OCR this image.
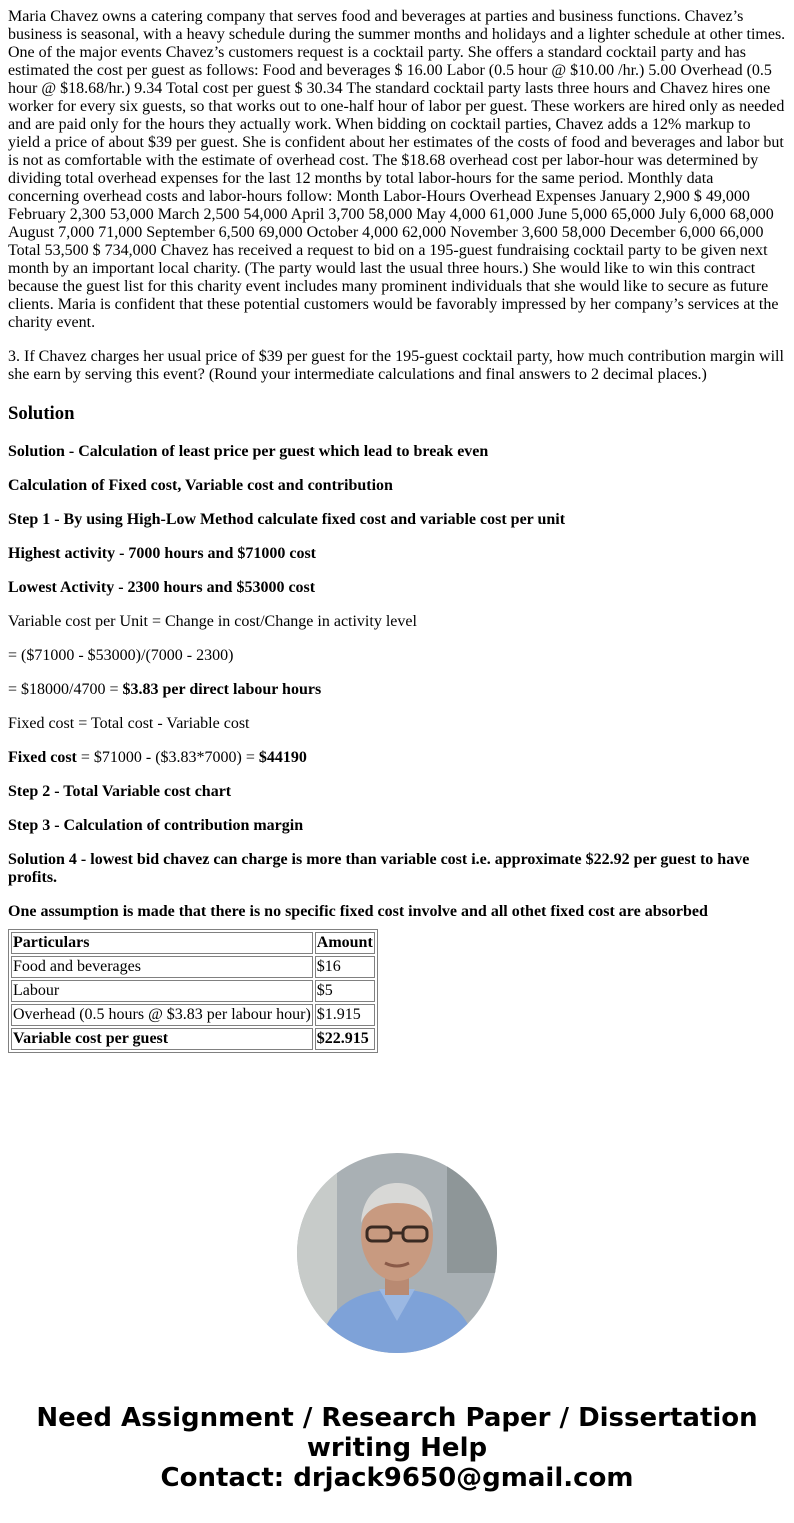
Maria Chavez owns a catering company that serves food and beverages at parties and business functions. Chavez’s business is seasonal, with a heavy schedule during the summer months and holidays and a lighter schedule at other times. One of the major events Chavez’s customers request is a cocktail party. She offers a standard cocktail party and has estimated the cost per guest as follows: Food and beverages $ 16.00 Labor (0.5 hour @ $10.00 /hr.) 5.00 Overhead (0.5 hour @ $18.68/hr.) 9.34 Total cost per guest $ 30.34 The standard cocktail party lasts three hours and Chavez hires one worker for every six guests, so that works out to one-half hour of labor per guest. These workers are hired only as needed and are paid only for the hours they actually work. When bidding on cocktail parties, Chavez adds a 12% markup to yield a price of about $39 per guest. She is confident about her estimates of the costs of food and beverages and labor but is not as comfortable with the estimate of overhead cost. The $18.68 overhead cost per labor-hour was determined by dividing total overhead expenses for the last 12 months by total labor-hours for the same period. Monthly data concerning overhead costs and labor-hours follow: Month Labor-Hours Overhead Expenses January 2,900 $ 49,000 February 2,300 53,000 March 2,500 54,000 April 3,700 58,000 May 4,000 61,000 June 5,000 65,000 July 6,000 68,000 August 7,000 71,000 September 6,500 69,000 October 4,000 62,000 November 3,600 58,000 December 6,000 66,000 Total 53,500 $ 734,000 Chavez has received a request to bid on a 195-guest fundraising cocktail party to be given next month by an important local charity. (The party would last the usual three hours.) She would like to win this contract because the guest list for this charity event includes many prominent individuals that she would like to secure as future clients. Maria is confident that these potential customers would be favorably impressed by her company’s services at the charity event.

3. If Chavez charges her usual price of $39 per guest for the 195-guest cocktail party, how much contribution margin will she earn by serving this event? (Round your intermediate calculations and final answers to 2 decimal places.)

Solution

Solution - Calculation of least price per guest which lead to break even

Calculation of Fixed cost, Variable cost and contribution

Step 1 - By using High-Low Method calculate fixed cost and variable cost per unit

Highest activity - 7000 hours and $71000 cost

Lowest Activity - 2300 hours and $53000 cost

Variable cost per Unit = Change in cost/Change in activity level

= ($71000 - $53000)/(7000 - 2300)

= $18000/4700 = $3.83 per direct labour hours

Fixed cost = Total cost - Variable cost

Fixed cost = $71000 - ($3.83*7000) = $44190

Step 2 - Total Variable cost chart

Step 3 - Calculation of contribution margin

Solution 4 - lowest bid chavez can charge is more than variable cost i.e. approximate $22.92 per guest to have profits.

One assumption is made that there is no specific fixed cost involve and all othet fixed cost are absorbed

Particulars	Amount
Food and beverages	$16
Labour	$5
Overhead (0.5 hours @ $3.83 per labour hour)	$1.915
Variable cost per guest	$22.915
Need Assignment / Research Paper / Dissertation
writing Help
Contact: drjack9650@gmail.com
